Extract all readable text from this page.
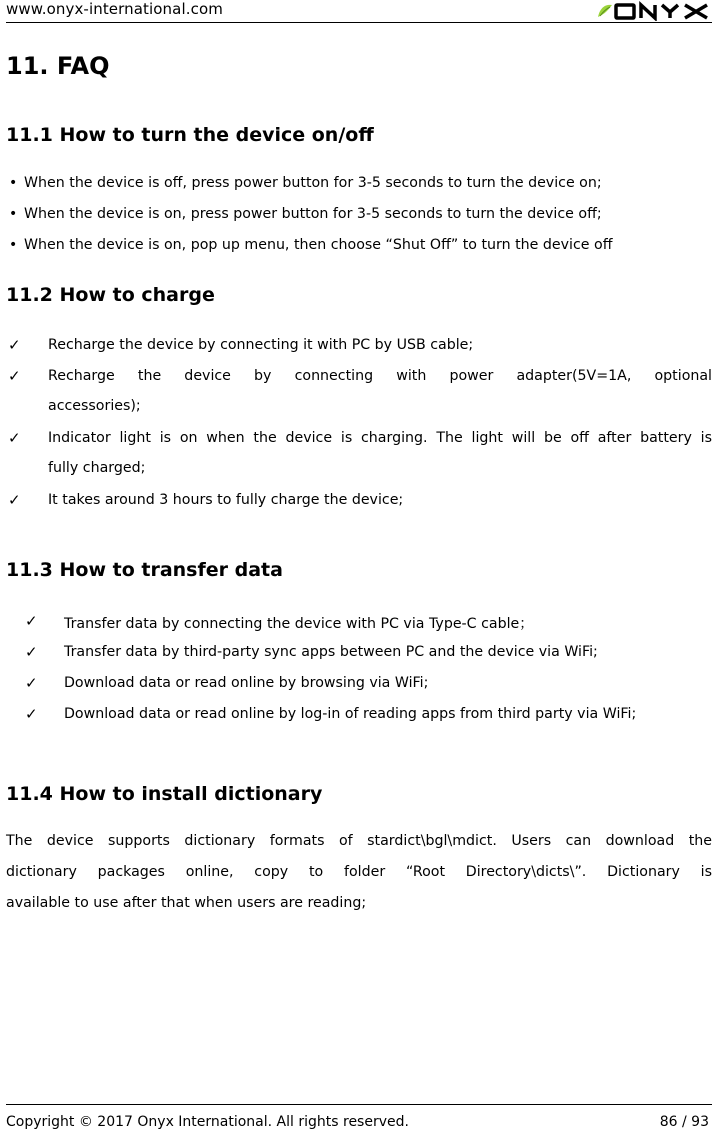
www.onyx-international.com
11. FAQ
11.1 How to turn the device on/off
• When the device is off, press power button for 3-5 seconds to turn the device on;
• When the device is on, press power button for 3-5 seconds to turn the device off;
• When the device is on, pop up menu, then choose “Shut Off” to turn the device off
11.2 How to charge
✓ Recharge the device by connecting it with PC by USB cable;
✓ Recharge the device by connecting with power adapter(5V=1A, optional
accessories);
✓ Indicator light is on when the device is charging. The light will be off after battery is
fully charged;
✓ It takes around 3 hours to fully charge the device;
11.3 How to transfer data
✓ Transfer data by connecting the device with PC via Type-C cable；
✓ Transfer data by third-party sync apps between PC and the device via WiFi;
✓ Download data or read online by browsing via WiFi;
✓ Download data or read online by log-in of reading apps from third party via WiFi;
11.4 How to install dictionary
The device supports dictionary formats of stardict\bgl\mdict. Users can download the
dictionary packages online, copy to folder “Root Directory\dicts\”. Dictionary is
available to use after that when users are reading;
Copyright © 2017 Onyx International. All rights reserved.	86 / 93
